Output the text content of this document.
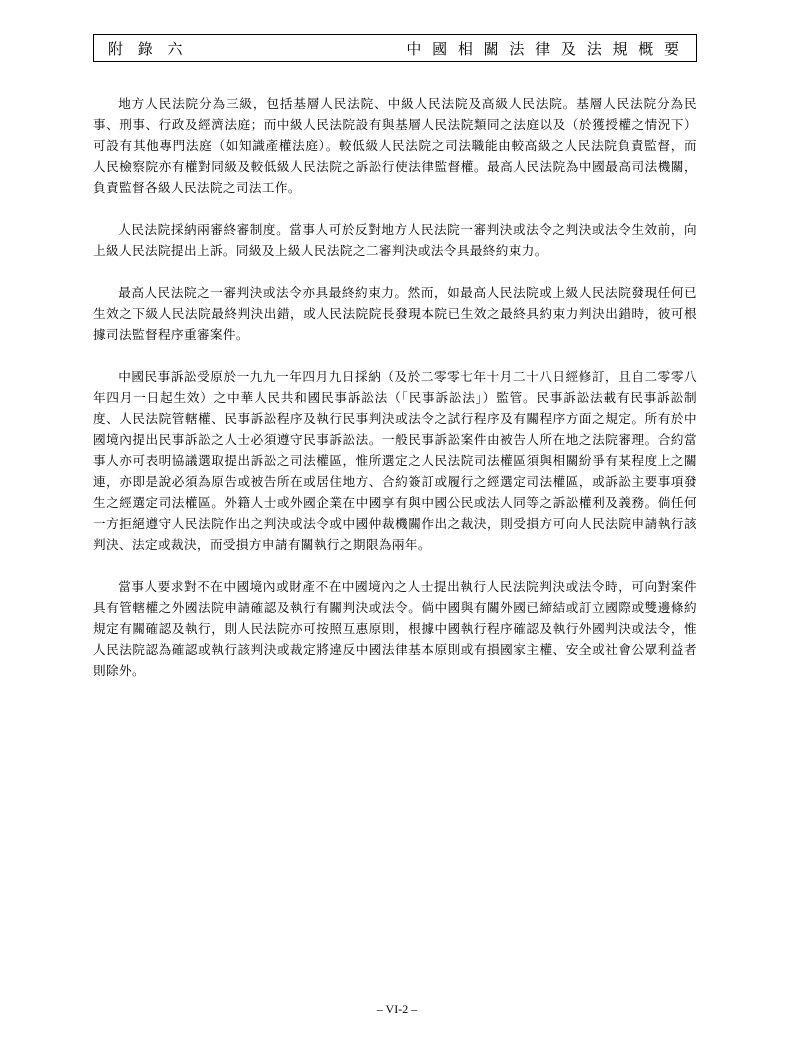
附 錄 六	中 國 相 關 法 律 及 法 規 概 要

地方人民法院分為三級，包括基層人民法院、中級人民法院及高級人民法院。基層人民法院分為民事、刑事、行政及經濟法庭；而中級人民法院設有與基層人民法院類同之法庭以及（於獲授權之情況下）可設有其他專門法庭（如知識產權法庭）。較低級人民法院之司法職能由較高級之人民法院負責監督，而人民檢察院亦有權對同級及較低級人民法院之訴訟行使法律監督權。最高人民法院為中國最高司法機關，負責監督各級人民法院之司法工作。

人民法院採納兩審終審制度。當事人可於反對地方人民法院一審判決或法令之判決或法令生效前，向上級人民法院提出上訴。同級及上級人民法院之二審判決或法令具最終約束力。

最高人民法院之一審判決或法令亦具最終約束力。然而，如最高人民法院或上級人民法院發現任何已生效之下級人民法院最終判決出錯，或人民法院院長發現本院已生效之最終具約束力判決出錯時，彼可根據司法監督程序重審案件。

中國民事訴訟受原於一九九一年四月九日採納（及於二零零七年十月二十八日經修訂，且自二零零八年四月一日起生效）之中華人民共和國民事訴訟法（「民事訴訟法」）監管。民事訴訟法載有民事訴訟制度、人民法院管轄權、民事訴訟程序及執行民事判決或法令之試行程序及有關程序方面之規定。所有於中國境內提出民事訴訟之人士必須遵守民事訴訟法。一般民事訴訟案件由被告人所在地之法院審理。合約當事人亦可表明協議選取提出訴訟之司法權區，惟所選定之人民法院司法權區須與相關紛爭有某程度上之關連，亦即是說必須為原告或被告所在或居住地方、合約簽訂或履行之經選定司法權區，或訴訟主要事項發生之經選定司法權區。外籍人士或外國企業在中國享有與中國公民或法人同等之訴訟權利及義務。倘任何一方拒絕遵守人民法院作出之判決或法令或中國仲裁機關作出之裁決，則受損方可向人民法院申請執行該判決、法定或裁決，而受損方申請有關執行之期限為兩年。

當事人要求對不在中國境內或財產不在中國境內之人士提出執行人民法院判決或法令時，可向對案件具有管轄權之外國法院申請確認及執行有關判決或法令。倘中國與有關外國已締結或訂立國際或雙邊條約規定有關確認及執行，則人民法院亦可按照互惠原則，根據中國執行程序確認及執行外國判決或法令，惟人民法院認為確認或執行該判決或裁定將違反中國法律基本原則或有損國家主權、安全或社會公眾利益者則除外。

– VI-2 –
